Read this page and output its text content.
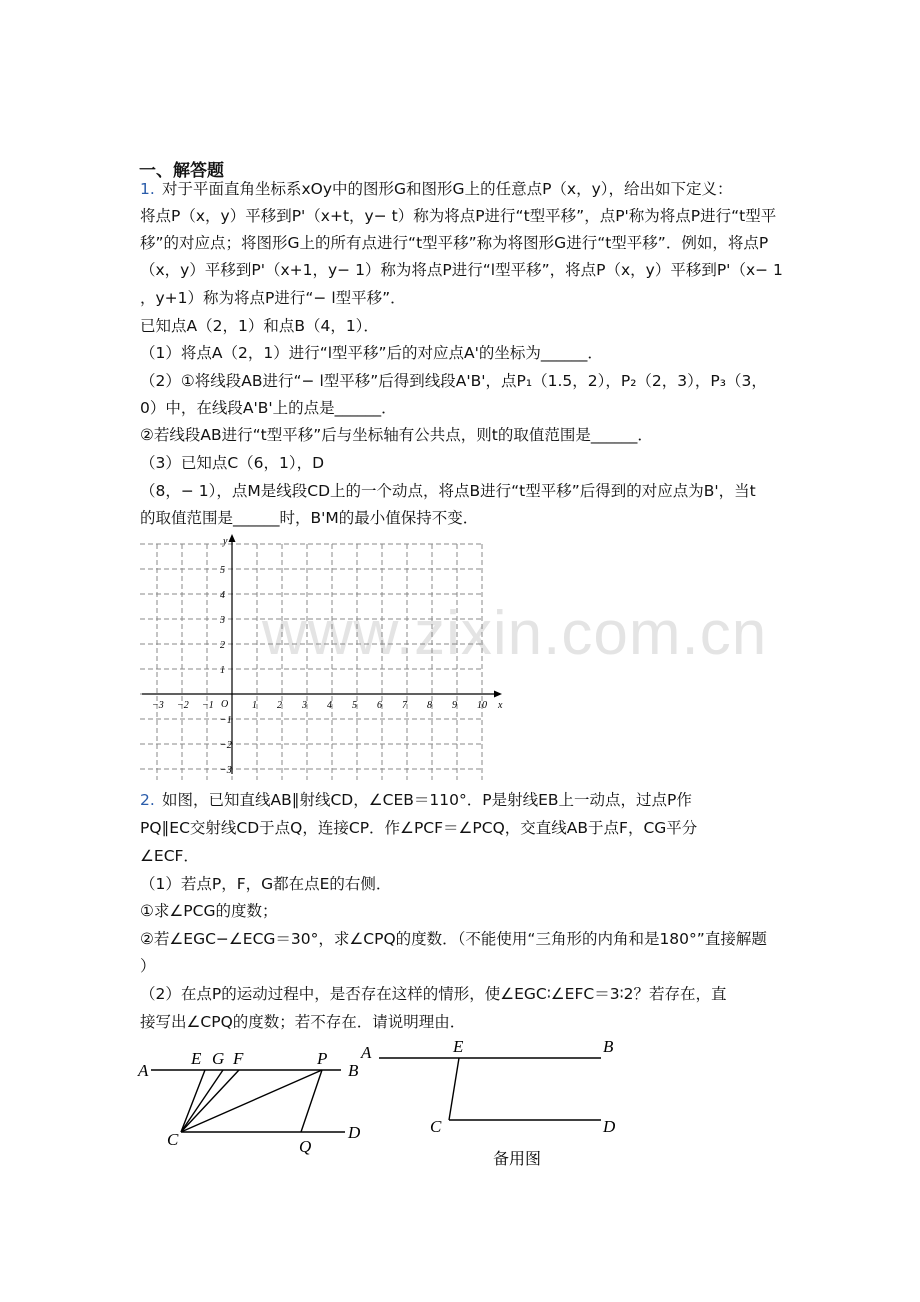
www.zixin.com.cn
一、解答题
1. 对于平面直角坐标系xOy中的图形G和图形G上的任意点P（x，y），给出如下定义：
将点P（x，y）平移到P'（x+t，y− t）称为将点P进行“t型平移”，点P'称为将点P进行“t型平
移”的对应点；将图形G上的所有点进行“t型平移”称为将图形G进行“t型平移”．例如，将点P
（x，y）平移到P'（x+1，y− 1）称为将点P进行“l型平移”，将点P（x，y）平移到P'（x− 1
，y+1）称为将点P进行“− l型平移”．
已知点A（2，1）和点B（4，1）．
（1）将点A（2，1）进行“l型平移”后的对应点A'的坐标为______．
（2）①将线段AB进行“− l型平移”后得到线段A'B'，点P₁（1.5，2），P₂（2，3），P₃（3，
0）中，在线段A'B'上的点是______．
②若线段AB进行“t型平移”后与坐标轴有公共点，则t的取值范围是______．
（3）已知点C（6，1），D
（8，− 1），点M是线段CD上的一个动点，将点B进行“t型平移”后得到的对应点为B'，当t
的取值范围是______时，B'M的最小值保持不变．
x
y
O
−3 −2 −1	1 2 3 4 5 6 7 8 9 10
5
4
3
2
1
−1
−2
−3
2. 如图，已知直线AB∥射线CD，∠CEB＝110°．P是射线EB上一动点，过点P作
PQ∥EC交射线CD于点Q，连接CP．作∠PCF＝∠PCQ，交直线AB于点F，CG平分
∠ECF．
（1）若点P，F，G都在点E的右侧．
①求∠PCG的度数；
②若∠EGC−∠ECG＝30°，求∠CPQ的度数．（不能使用“三角形的内角和是180°”直接解题
）
（2）在点P的运动过程中，是否存在这样的情形，使∠EGC∶∠EFC＝3∶2？若存在，直
接写出∠CPQ的度数；若不存在．请说明理由．
A
E G F	P
B
C	Q
D
A	E	B
C	D
备用图
